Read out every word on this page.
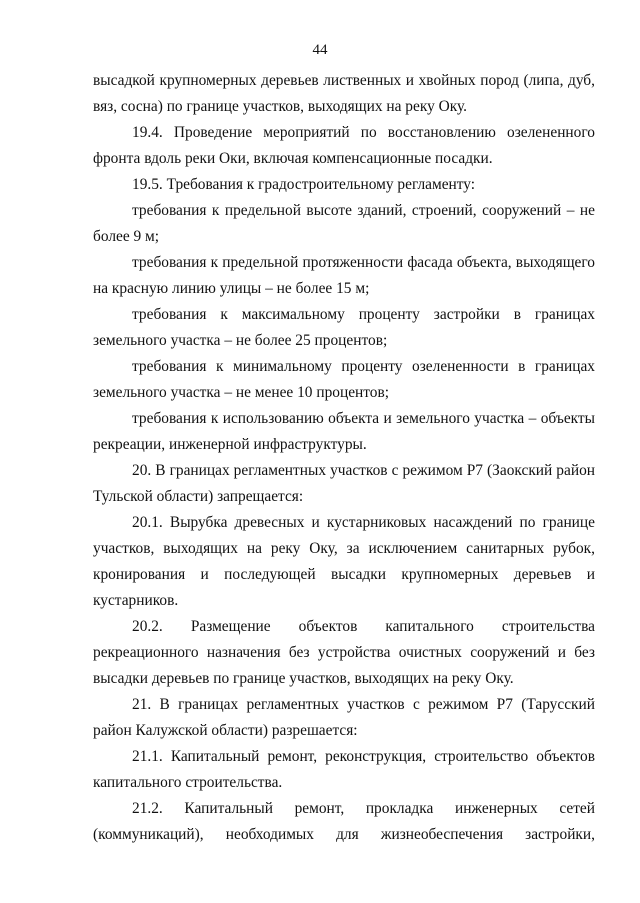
44

высадкой крупномерных деревьев лиственных и хвойных пород (липа, дуб, вяз, сосна) по границе участков, выходящих на реку Оку.

19.4. Проведение мероприятий по восстановлению озелененного фронта вдоль реки Оки, включая компенсационные посадки.

19.5. Требования к градостроительному регламенту:

требования к предельной высоте зданий, строений, сооружений – не более 9 м;

требования к предельной протяженности фасада объекта, выходящего на красную линию улицы – не более 15 м;

требования к максимальному проценту застройки в границах земельного участка – не более 25 процентов;

требования к минимальному проценту озелененности в границах земельного участка – не менее 10 процентов;

требования к использованию объекта и земельного участка – объекты рекреации, инженерной инфраструктуры.

20. В границах регламентных участков с режимом Р7 (Заокский район Тульской области) запрещается:

20.1. Вырубка древесных и кустарниковых насаждений по границе участков, выходящих на реку Оку, за исключением санитарных рубок, кронирования и последующей высадки крупномерных деревьев и кустарников.

20.2. Размещение объектов капитального строительства рекреационного назначения без устройства очистных сооружений и без высадки деревьев по границе участков, выходящих на реку Оку.

21. В границах регламентных участков с режимом Р7 (Тарусский район Калужской области) разрешается:

21.1. Капитальный ремонт, реконструкция, строительство объектов капитального строительства.

21.2. Капитальный ремонт, прокладка инженерных сетей (коммуникаций), необходимых для жизнеобеспечения застройки,
